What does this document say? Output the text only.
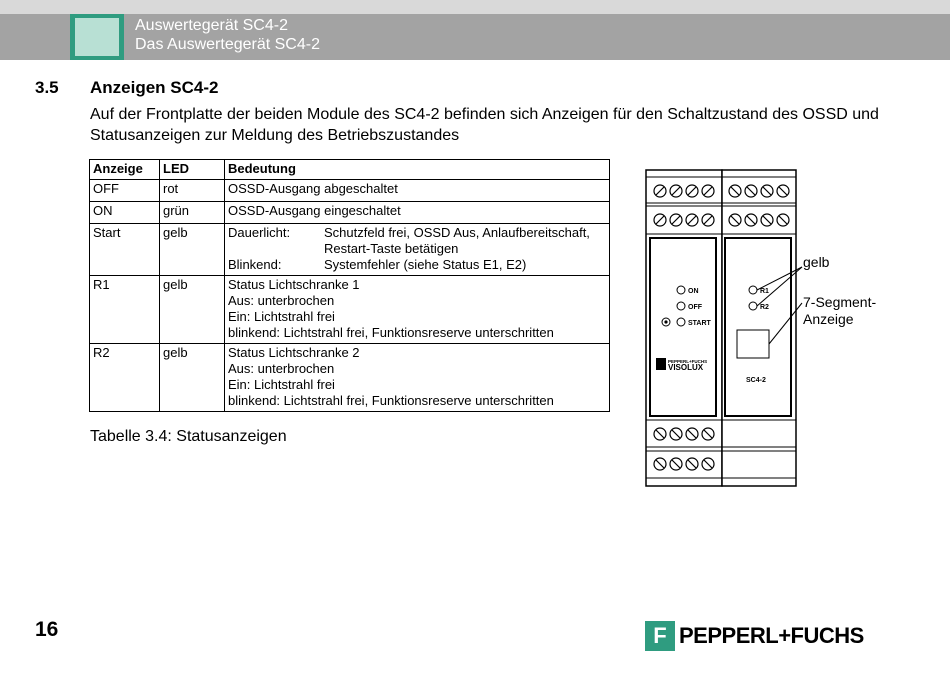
Auswertegerät SC4-2
Das Auswertegerät SC4-2
3.5 Anzeigen SC4-2
Auf der Frontplatte der beiden Module des SC4-2 befinden sich Anzeigen für den Schaltzustand des OSSD und Statusanzeigen zur Meldung des Betriebszustandes
Anzeige	LED	Bedeutung
OFF	rot	OSSD-Ausgang abgeschaltet
ON	grün	OSSD-Ausgang eingeschaltet
Start	gelb	Dauerlicht: Schutzfeld frei, OSSD Aus, Anlaufbereitschaft, Restart-Taste betätigen
Blinkend: Systemfehler (siehe Status E1, E2)

R1	gelb	Status Lichtschranke 1
Aus: unterbrochen
Ein: Lichtstrahl frei
blinkend: Lichtstrahl frei, Funktionsreserve unterschritten

R2	gelb	Status Lichtschranke 2
Aus: unterbrochen
Ein: Lichtstrahl frei
blinkend: Lichtstrahl frei, Funktionsreserve unterschritten
Tabelle 3.4: Statusanzeigen
ON
OFF
START
PEPPERL+FUCHS
VISOLUX
R1
R2
SC4-2
gelb
7-Segment-
Anzeige
16	F PEPPERL+FUCHS
